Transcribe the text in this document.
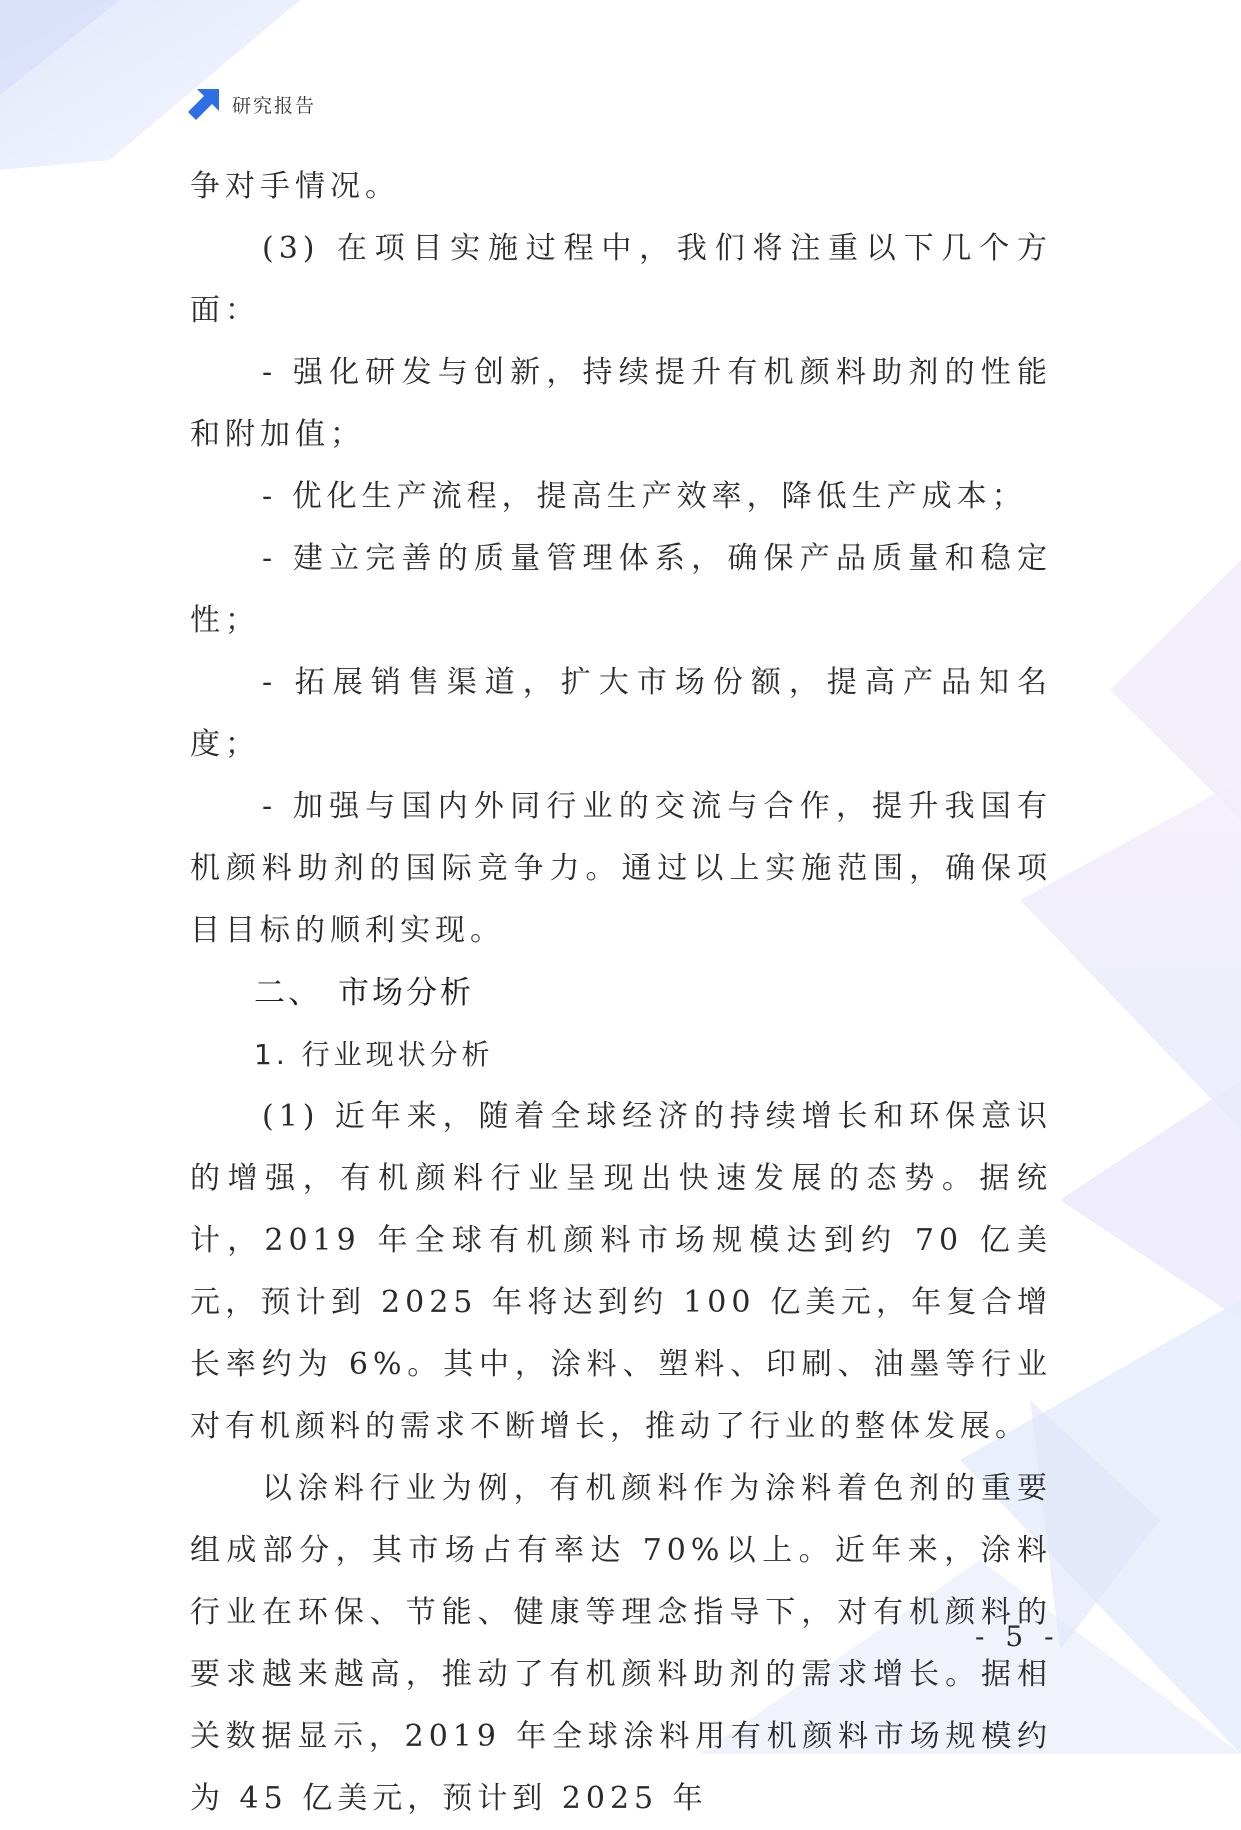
研究报告

争对手情况。

(3) 在项目实施过程中，我们将注重以下几个方面：

- 强化研发与创新，持续提升有机颜料助剂的性能和附加值；

- 优化生产流程，提高生产效率，降低生产成本；

- 建立完善的质量管理体系，确保产品质量和稳定性；

- 拓展销售渠道，扩大市场份额，提高产品知名度；

- 加强与国内外同行业的交流与合作，提升我国有机颜料助剂的国际竞争力。通过以上实施范围，确保项目目标的顺利实现。

二、 市场分析
1. 行业现状分析

(1) 近年来，随着全球经济的持续增长和环保意识的增强，有机颜料行业呈现出快速发展的态势。据统计，2019 年全球有机颜料市场规模达到约 70 亿美元，预计到 2025 年将达到约 100 亿美元，年复合增长率约为 6%。其中，涂料、塑料、印刷、油墨等行业对有机颜料的需求不断增长，推动了行业的整体发展。

以涂料行业为例，有机颜料作为涂料着色剂的重要组成部分，其市场占有率达 70%以上。近年来，涂料行业在环保、节能、健康等理念指导下，对有机颜料的要求越来越高，推动了有机颜料助剂的需求增长。据相关数据显示，2019 年全球涂料用有机颜料市场规模约为 45 亿美元，预计到 2025 年

- 5 -
